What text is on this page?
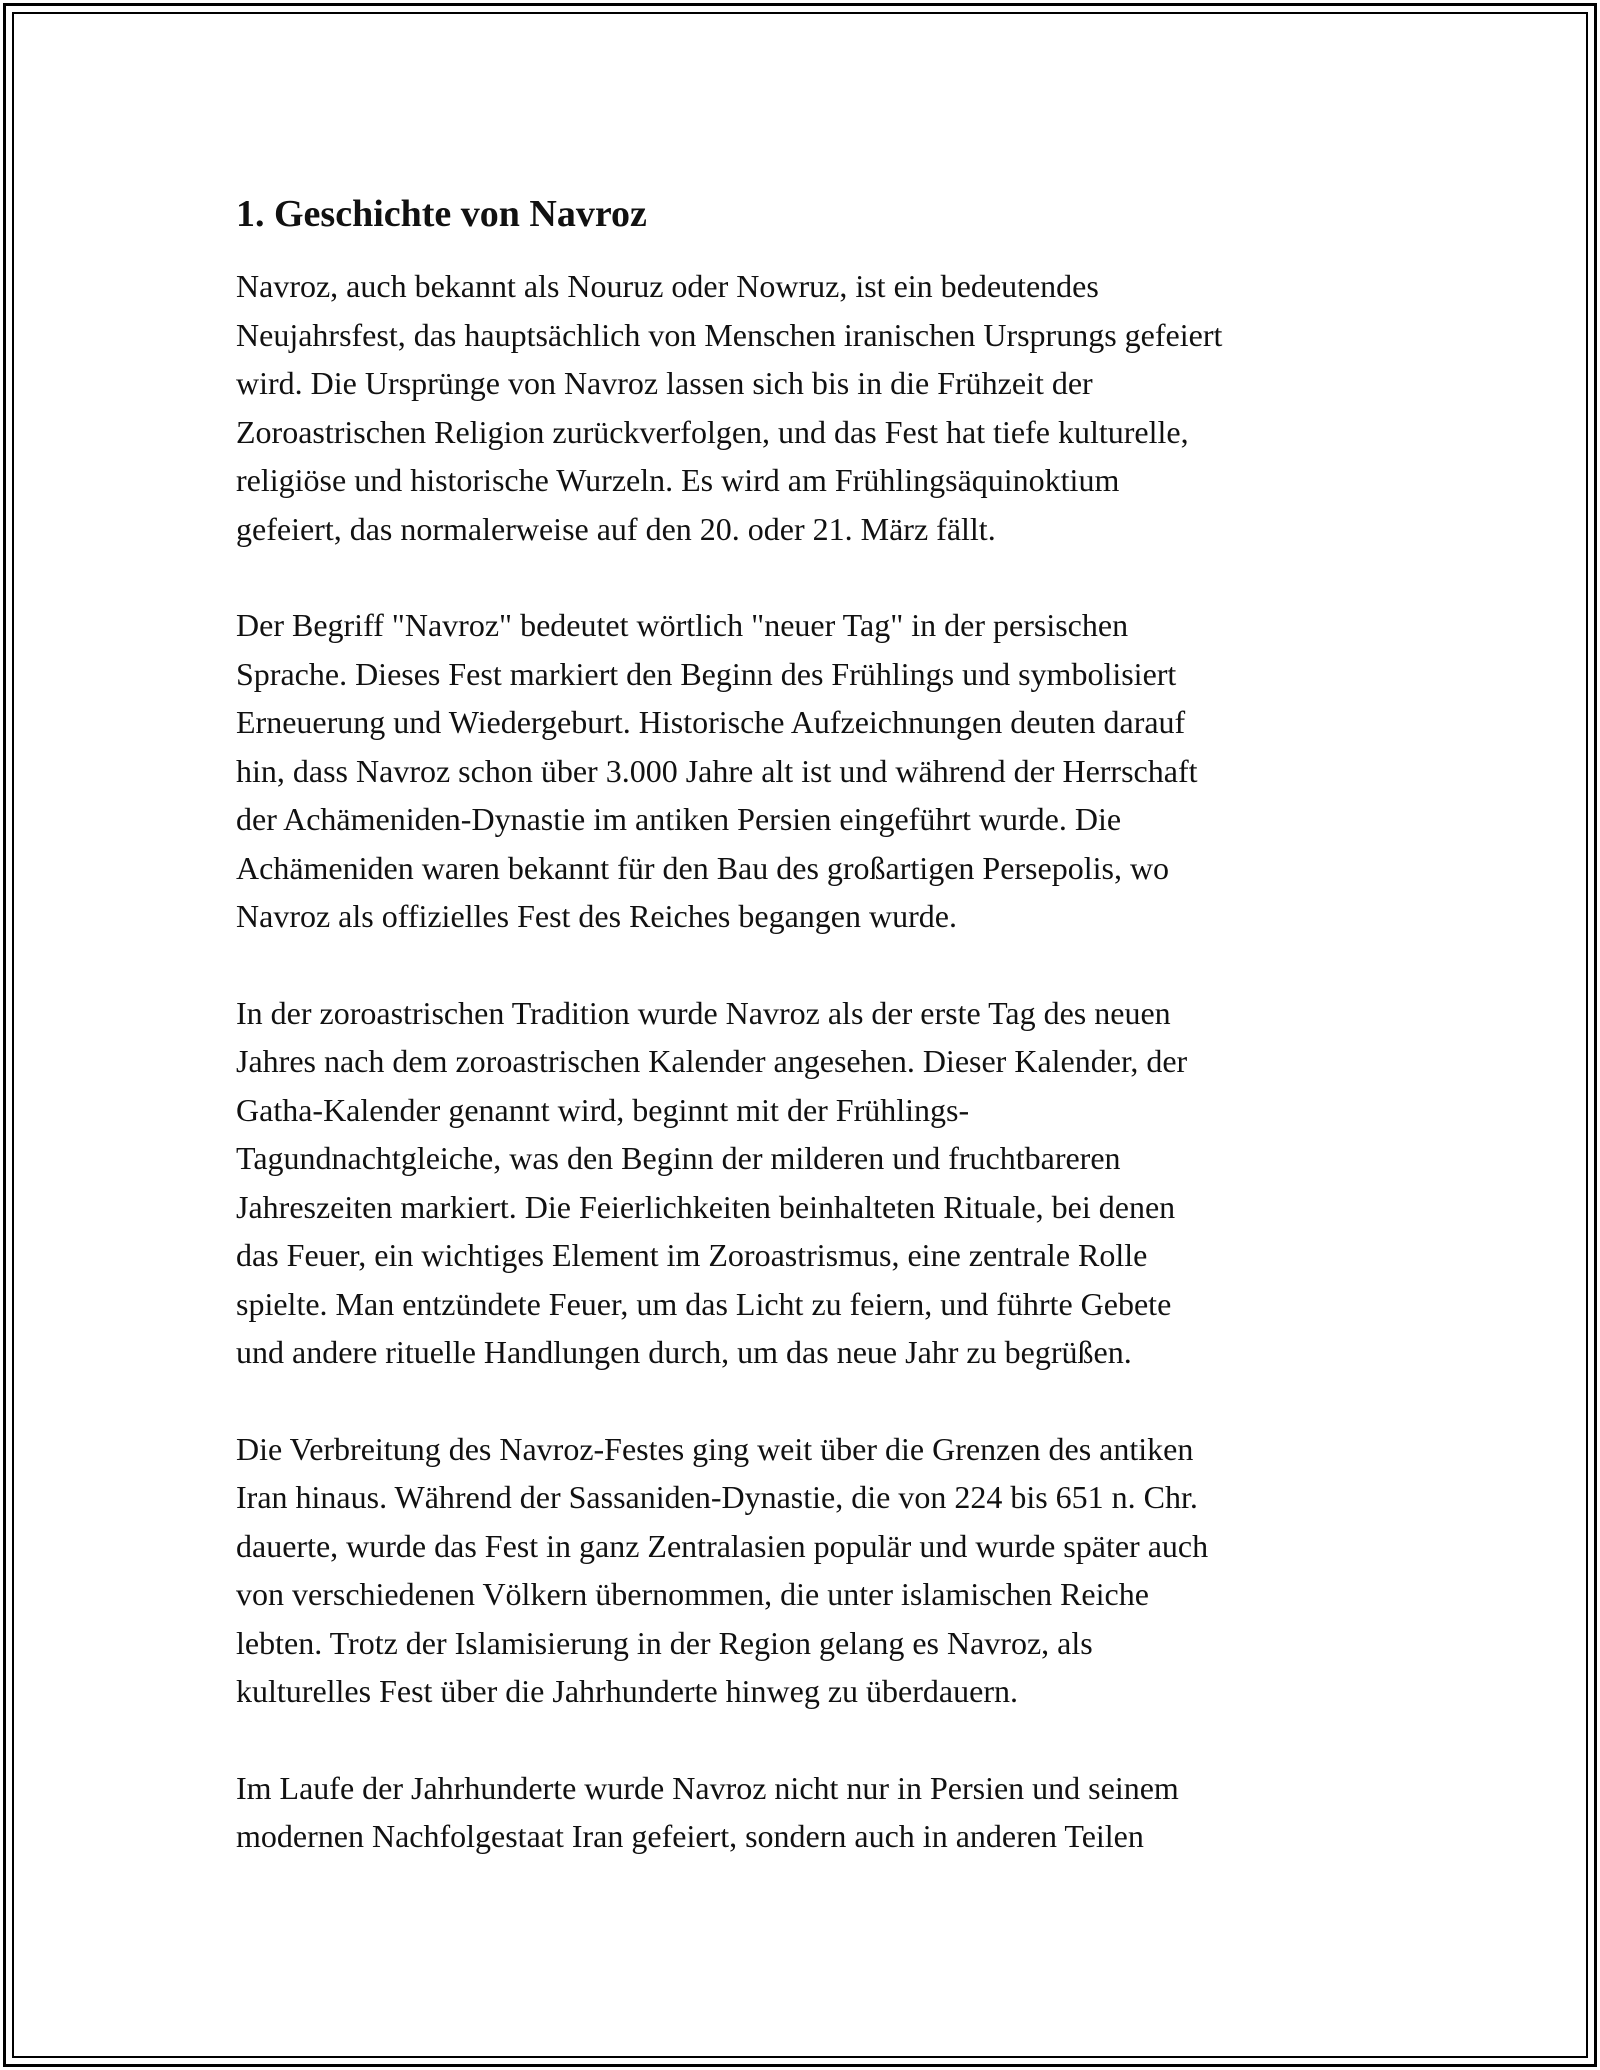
1. Geschichte von Navroz

Navroz, auch bekannt als Nouruz oder Nowruz, ist ein bedeutendes
Neujahrsfest, das hauptsächlich von Menschen iranischen Ursprungs gefeiert
wird. Die Ursprünge von Navroz lassen sich bis in die Frühzeit der
Zoroastrischen Religion zurückverfolgen, und das Fest hat tiefe kulturelle,
religiöse und historische Wurzeln. Es wird am Frühlingsäquinoktium
gefeiert, das normalerweise auf den 20. oder 21. März fällt.

Der Begriff "Navroz" bedeutet wörtlich "neuer Tag" in der persischen
Sprache. Dieses Fest markiert den Beginn des Frühlings und symbolisiert
Erneuerung und Wiedergeburt. Historische Aufzeichnungen deuten darauf
hin, dass Navroz schon über 3.000 Jahre alt ist und während der Herrschaft
der Achämeniden-Dynastie im antiken Persien eingeführt wurde. Die
Achämeniden waren bekannt für den Bau des großartigen Persepolis, wo
Navroz als offizielles Fest des Reiches begangen wurde.

In der zoroastrischen Tradition wurde Navroz als der erste Tag des neuen
Jahres nach dem zoroastrischen Kalender angesehen. Dieser Kalender, der
Gatha-Kalender genannt wird, beginnt mit der Frühlings-
Tagundnachtgleiche, was den Beginn der milderen und fruchtbareren
Jahreszeiten markiert. Die Feierlichkeiten beinhalteten Rituale, bei denen
das Feuer, ein wichtiges Element im Zoroastrismus, eine zentrale Rolle
spielte. Man entzündete Feuer, um das Licht zu feiern, und führte Gebete
und andere rituelle Handlungen durch, um das neue Jahr zu begrüßen.

Die Verbreitung des Navroz-Festes ging weit über die Grenzen des antiken
Iran hinaus. Während der Sassaniden-Dynastie, die von 224 bis 651 n. Chr.
dauerte, wurde das Fest in ganz Zentralasien populär und wurde später auch
von verschiedenen Völkern übernommen, die unter islamischen Reiche
lebten. Trotz der Islamisierung in der Region gelang es Navroz, als
kulturelles Fest über die Jahrhunderte hinweg zu überdauern.

Im Laufe der Jahrhunderte wurde Navroz nicht nur in Persien und seinem
modernen Nachfolgestaat Iran gefeiert, sondern auch in anderen Teilen
